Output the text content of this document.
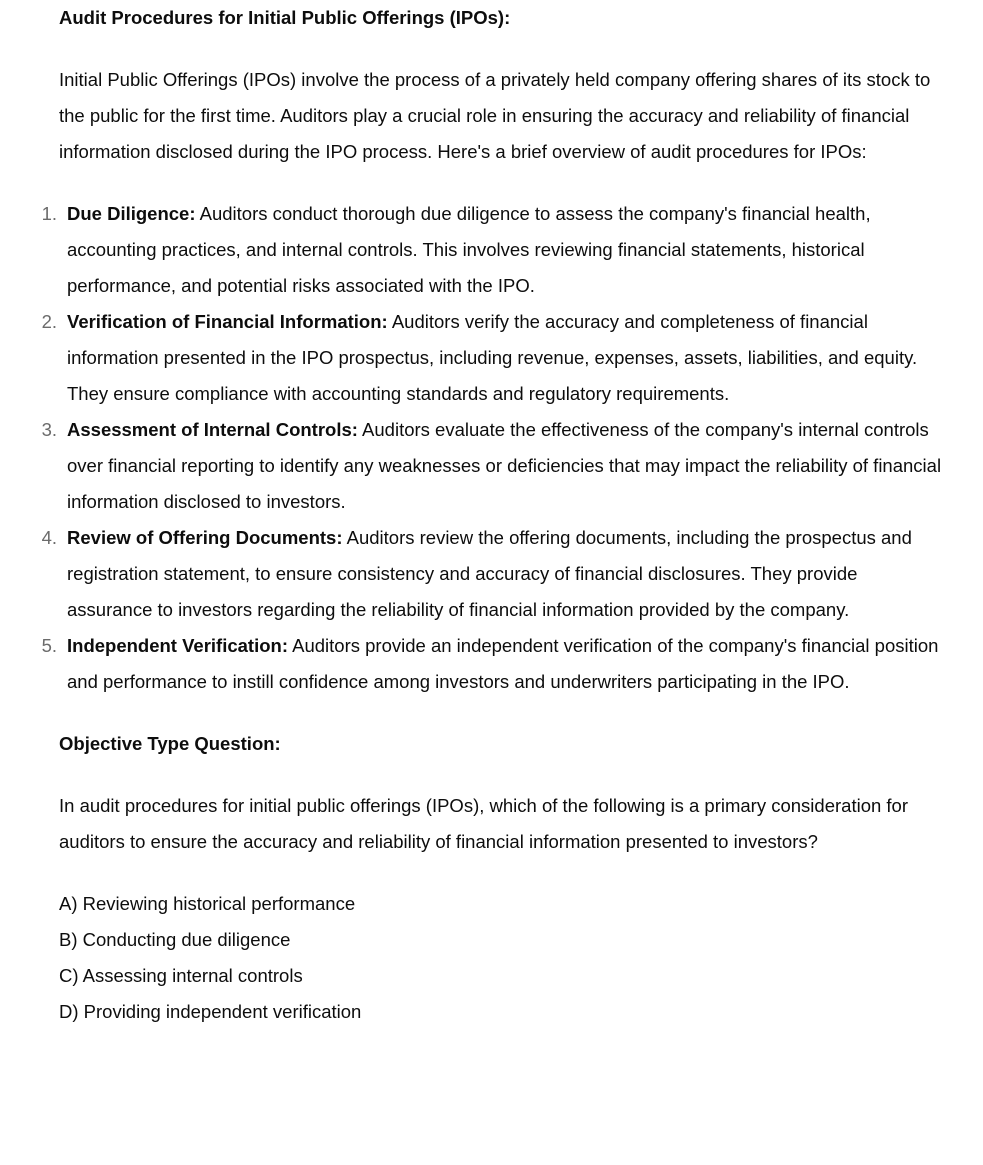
Audit Procedures for Initial Public Offerings (IPOs):

Initial Public Offerings (IPOs) involve the process of a privately held company offering shares of its stock to the public for the first time. Auditors play a crucial role in ensuring the accuracy and reliability of financial information disclosed during the IPO process. Here's a brief overview of audit procedures for IPOs:

1. Due Diligence: Auditors conduct thorough due diligence to assess the company's financial health, accounting practices, and internal controls. This involves reviewing financial statements, historical performance, and potential risks associated with the IPO.
2. Verification of Financial Information: Auditors verify the accuracy and completeness of financial information presented in the IPO prospectus, including revenue, expenses, assets, liabilities, and equity. They ensure compliance with accounting standards and regulatory requirements.
3. Assessment of Internal Controls: Auditors evaluate the effectiveness of the company's internal controls over financial reporting to identify any weaknesses or deficiencies that may impact the reliability of financial information disclosed to investors.
4. Review of Offering Documents: Auditors review the offering documents, including the prospectus and registration statement, to ensure consistency and accuracy of financial disclosures. They provide assurance to investors regarding the reliability of financial information provided by the company.
5. Independent Verification: Auditors provide an independent verification of the company's financial position and performance to instill confidence among investors and underwriters participating in the IPO.

Objective Type Question:

In audit procedures for initial public offerings (IPOs), which of the following is a primary consideration for auditors to ensure the accuracy and reliability of financial information presented to investors?

A) Reviewing historical performance
B) Conducting due diligence
C) Assessing internal controls
D) Providing independent verification
